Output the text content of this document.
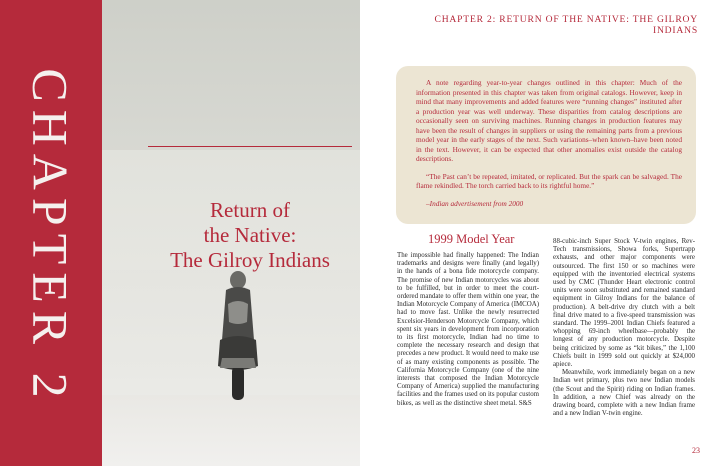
CHAPTER 2	Return of
the Native:
The Gilroy Indians
CHAPTER 2: RETURN OF THE NATIVE: THE GILROY INDIANS

A note regarding year-to-year changes outlined in this chapter: Much of the information presented in this chapter was taken from original catalogs. However, keep in mind that many improvements and added features were “running changes” instituted after a production year was well underway. These disparities from catalog descriptions are occasionally seen on surviving machines. Running changes in production features may have been the result of changes in suppliers or using the remaining parts from a previous model year in the early stages of the next. Such variations–when known–have been noted in the text. However, it can be expected that other anomalies exist outside the catalog descriptions.

“The Past can’t be repeated, imitated, or replicated. But the spark can be salvaged. The flame rekindled. The torch carried back to its rightful home.”

–Indian advertisement from 2000

1999 Model Year

The impossible had finally happened: The Indian trademarks and designs were finally (and legally) in the hands of a bona fide motorcycle company. The promise of new Indian motorcycles was about to be fulfilled, but in order to meet the court-ordered mandate to offer them within one year, the Indian Motorcycle Company of America (IMCOA) had to move fast. Unlike the newly resurrected Excelsior-Henderson Motorcycle Company, which spent six years in development from incorporation to its first motorcycle, Indian had no time to complete the necessary research and design that precedes a new product. It would need to make use of as many existing components as possible. The California Motorcycle Company (one of the nine interests that composed the Indian Motorcycle Company of America) supplied the manufacturing facilities and the frames used on its popular custom bikes, as well as the distinctive sheet metal. S&S

88-cubic-inch Super Stock V-twin engines, Rev-Tech transmissions, Showa forks, Supertrapp exhausts, and other major components were outsourced. The first 150 or so machines were equipped with the inventoried electrical systems used by CMC (Thunder Heart electronic control units were soon substituted and remained standard equipment in Gilroy Indians for the balance of production). A belt-drive dry clutch with a belt final drive mated to a five-speed transmission was standard. The 1999–2001 Indian Chiefs featured a whopping 69-inch wheelbase—probably the longest of any production motorcycle. Despite being criticized by some as “kit bikes,” the 1,100 Chiefs built in 1999 sold out quickly at $24,000 apiece.

Meanwhile, work immediately began on a new Indian wet primary, plus two new Indian models (the Scout and the Spirit) riding on Indian frames. In addition, a new Chief was already on the drawing board, complete with a new Indian frame and a new Indian V-twin engine.

23
